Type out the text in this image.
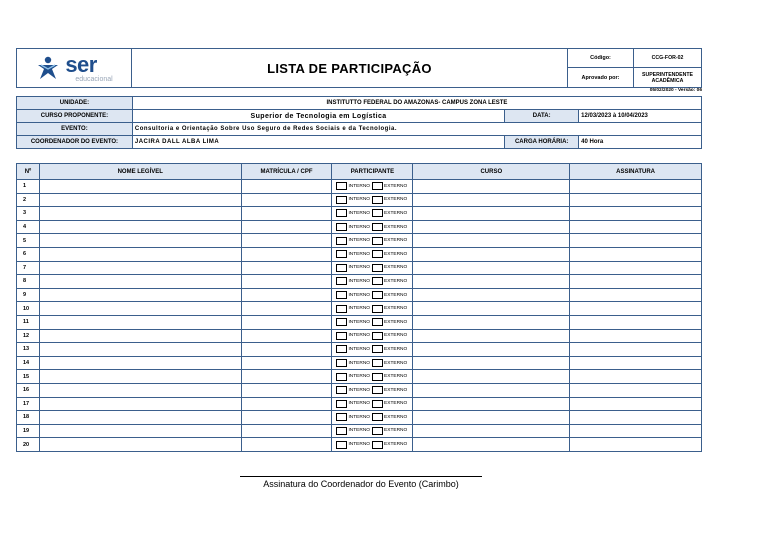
ser
educacional
LISTA DE PARTICIPAÇÃO
Código:	CCG-FOR-02
Aprovado por:	SUPERINTENDENTE ACADÊMICA
05/02/2020 - Versão: 06
UNIDADE:	INSTITUTTO FEDERAL DO AMAZONAS- CAMPUS ZONA LESTE		
CURSO PROPONENTE:	Superior de Tecnologia em Logística	DATA:	12/03/2023 à 10/04/2023
EVENTO:	Consultoria e Orientação Sobre Uso Seguro de Redes Sociais e da Tecnologia.		
COORDENADOR DO EVENTO:	JACIRA DALL ALBA LIMA	CARGA HORÁRIA:	40 Hora
Nº	NOME LEGÍVEL	MATRÍCULA / CPF	PARTICIPANTE	CURSO	ASSINATURA
1			INTERNO EXTERNO		
2			INTERNO EXTERNO		
3			INTERNO EXTERNO		
4			INTERNO EXTERNO		
5			INTERNO EXTERNO		
6			INTERNO EXTERNO		
7			INTERNO EXTERNO		
8			INTERNO EXTERNO		
9			INTERNO EXTERNO		
10			INTERNO EXTERNO		
11			INTERNO EXTERNO		
12			INTERNO EXTERNO		
13			INTERNO EXTERNO		
14			INTERNO EXTERNO		
15			INTERNO EXTERNO		
16			INTERNO EXTERNO		
17			INTERNO EXTERNO		
18			INTERNO EXTERNO		
19			INTERNO EXTERNO		
20			INTERNO EXTERNO		
Assinatura do Coordenador do Evento (Carimbo)
